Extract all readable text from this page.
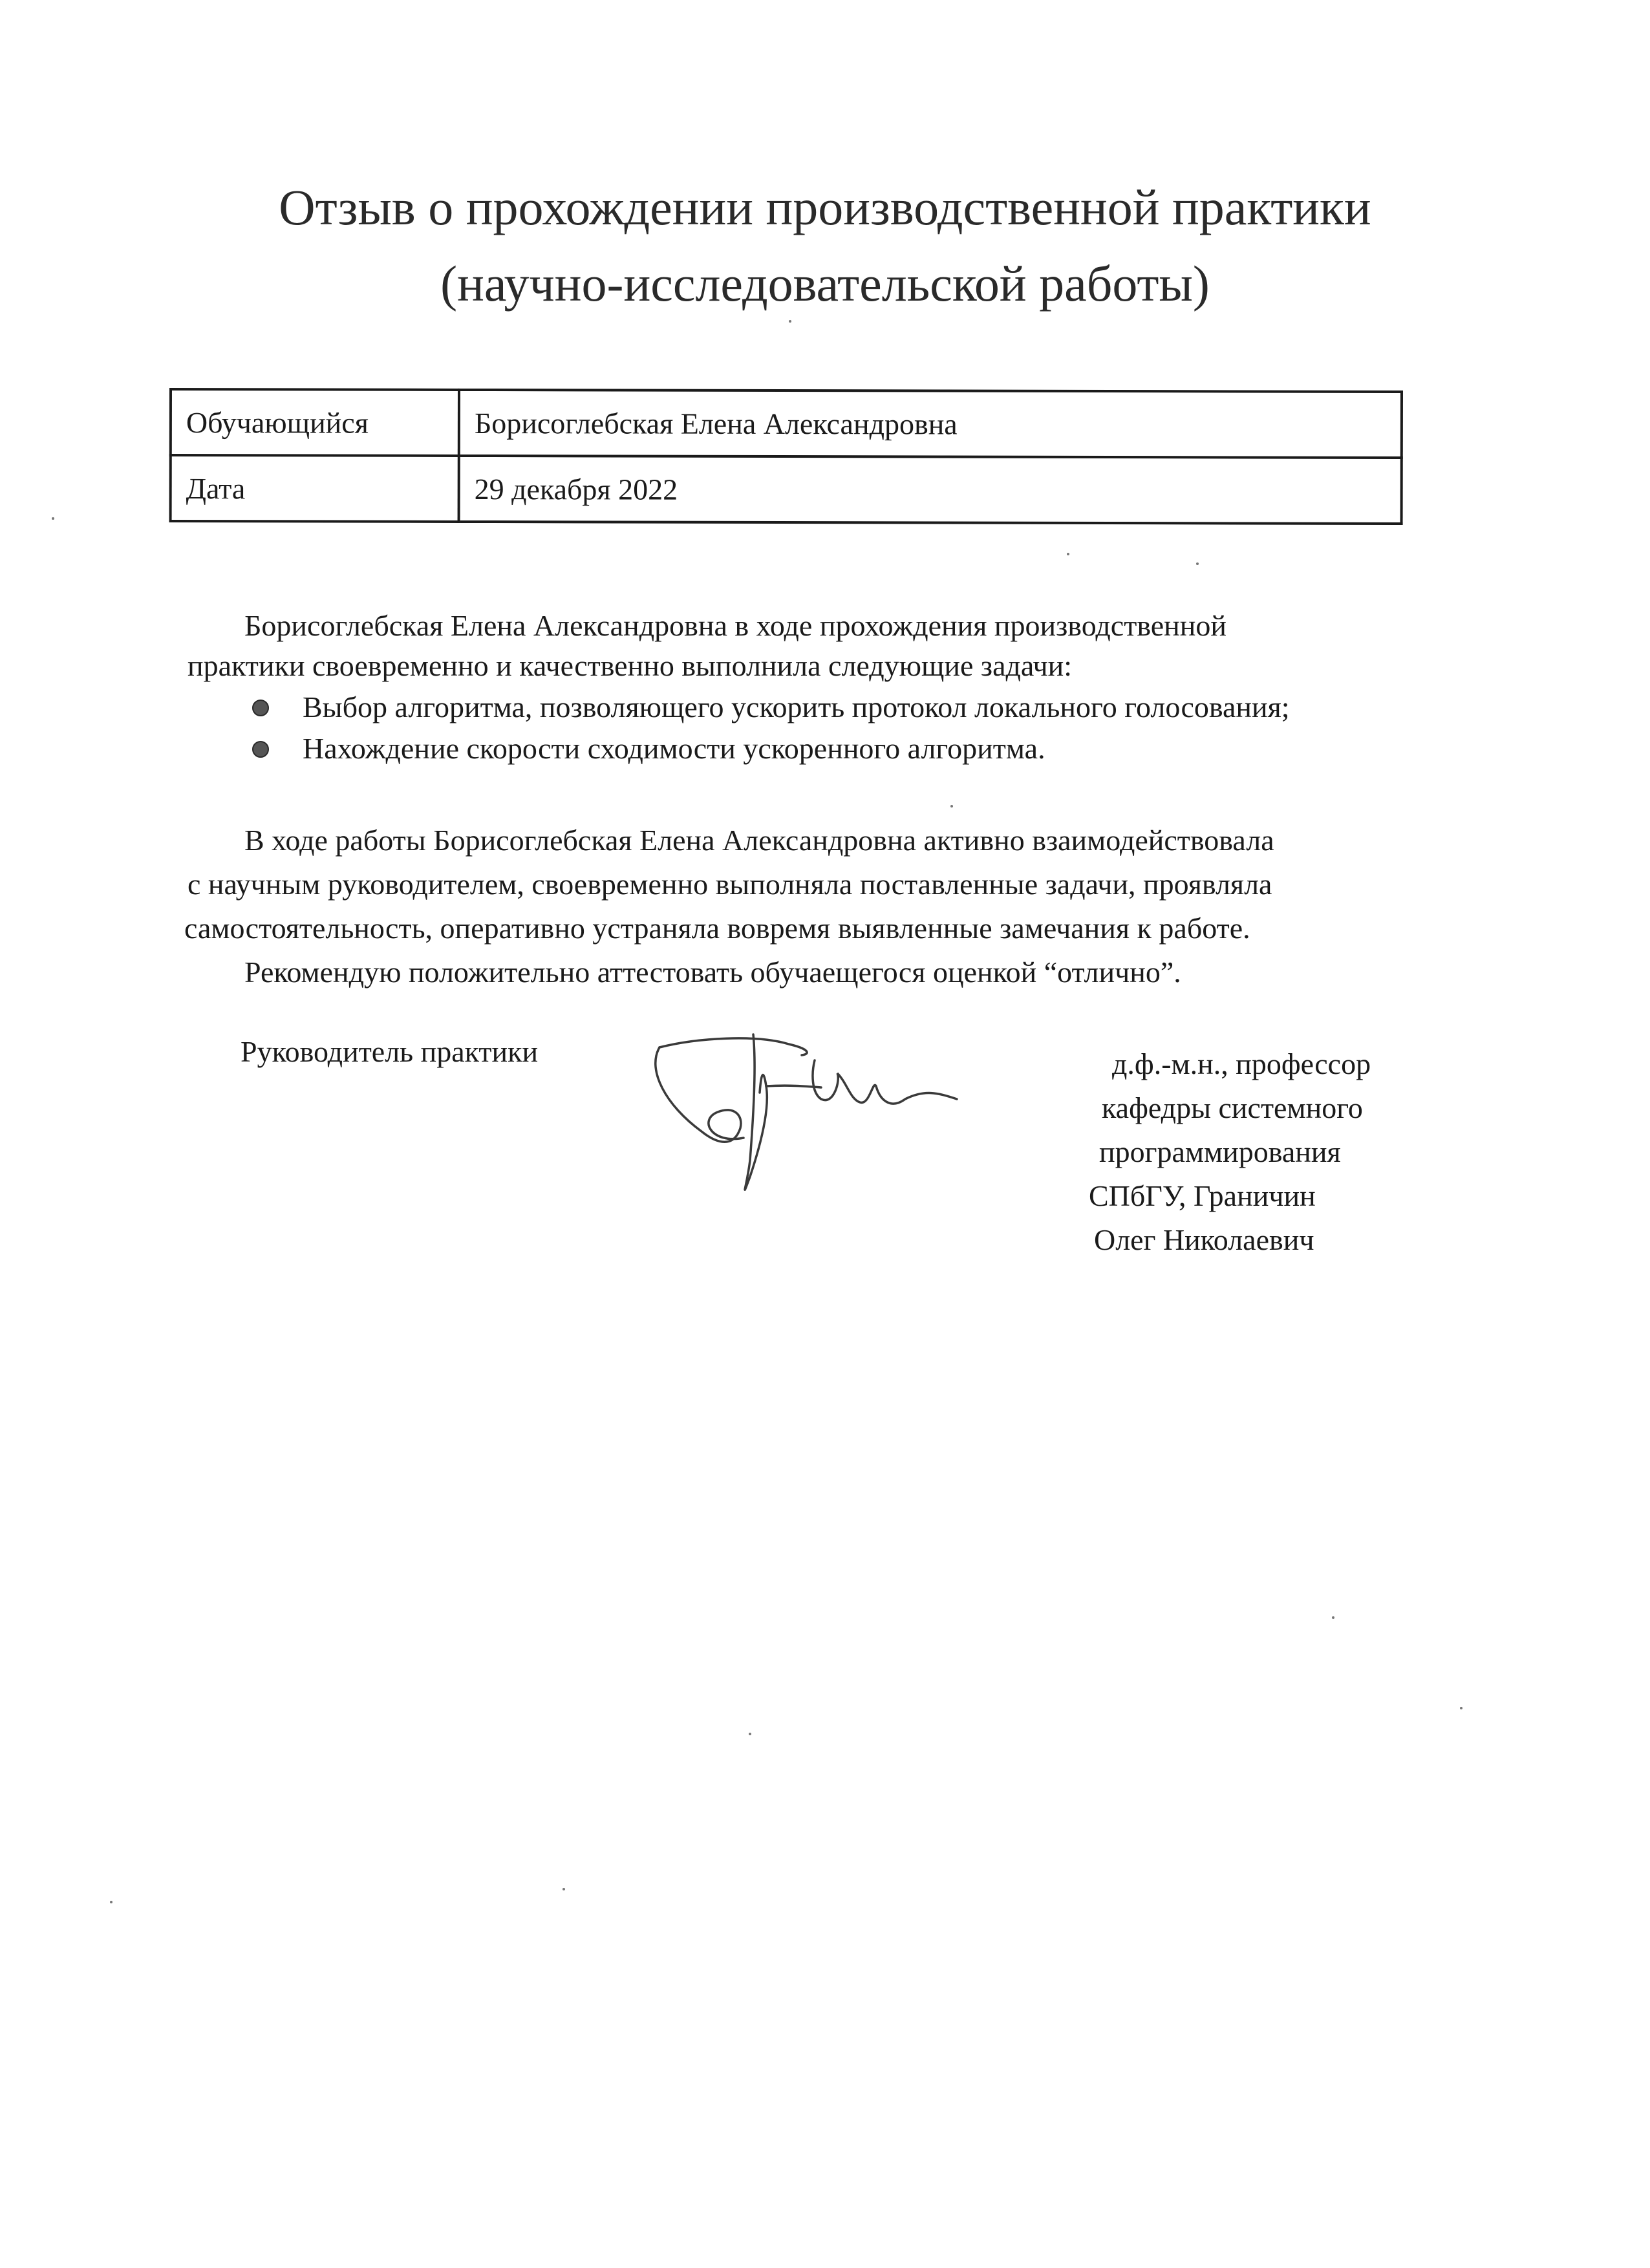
Отзыв о прохождении производственной практики
(научно-исследовательской работы)
Обучающийся	Борисоглебская Елена Александровна
Дата	29 декабря 2022
Борисоглебская Елена Александровна в ходе прохождения производственной
практики своевременно и качественно выполнила следующие задачи:
Выбор алгоритма, позволяющего ускорить протокол локального голосования;
Нахождение скорости сходимости ускоренного алгоритма.
В ходе работы Борисоглебская Елена Александровна активно взаимодействовала
с научным руководителем, своевременно выполняла поставленные задачи, проявляла
самостоятельность, оперативно устраняла вовремя выявленные замечания к работе.
Рекомендую положительно аттестовать обучаещегося оценкой “отлично”.
Руководитель практики	д.ф.-м.н., профессор
кафедры системного
программирования
СПбГУ, Граничин
Олег Николаевич
